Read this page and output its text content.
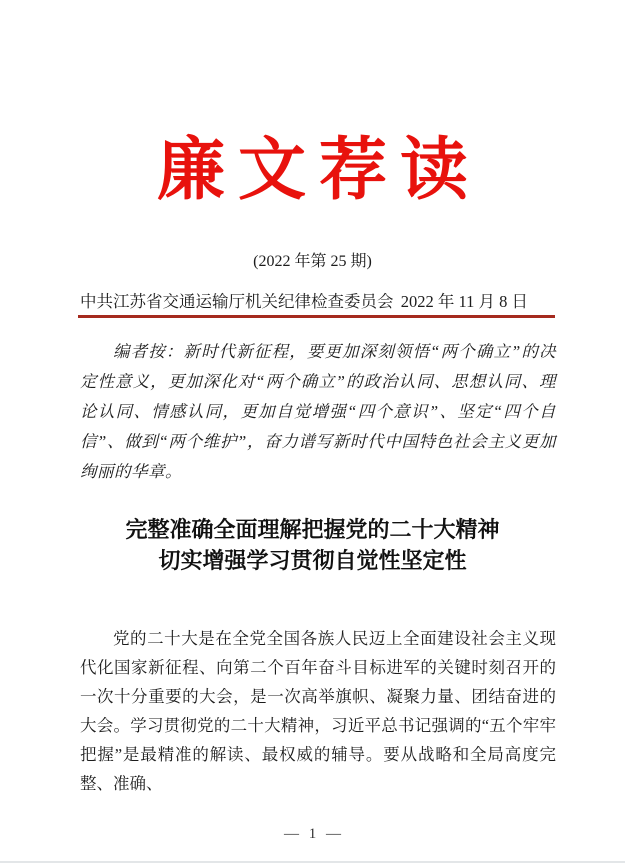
廉 文 荐 读
(2022 年第 25 期)
中共江苏省交通运输厅机关纪律检查委员会 2022 年 11 月 8 日

编者按：新时代新征程，要更加深刻领悟“两个确立”的决定性意义，更加深化对“两个确立”的政治认同、思想认同、理论认同、情感认同，更加自觉增强“四个意识”、坚定“四个自信”、做到“两个维护”，奋力谱写新时代中国特色社会主义更加绚丽的华章。

完整准确全面理解把握党的二十大精神
切实增强学习贯彻自觉性坚定性

党的二十大是在全党全国各族人民迈上全面建设社会主义现代化国家新征程、向第二个百年奋斗目标进军的关键时刻召开的一次十分重要的大会，是一次高举旗帜、凝聚力量、团结奋进的大会。学习贯彻党的二十大精神，习近平总书记强调的“五个牢牢把握”是最精准的解读、最权威的辅导。要从战略和全局高度完整、准确、

— 1 —
